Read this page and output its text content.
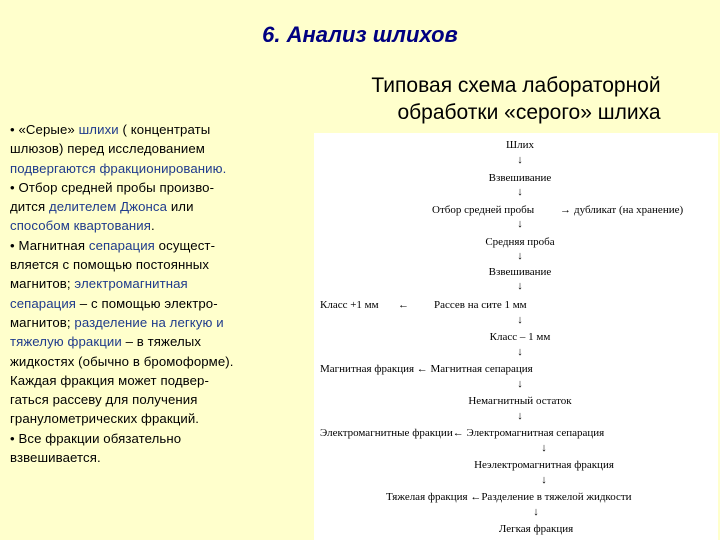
6. Анализ шлихов
Типовая схема лабораторной
обработки «серого» шлиха
• «Серые» шлихи ( концентраты
шлюзов) перед исследованием
подвергаются фракционированию.
• Отбор средней пробы произво-
дится делителем Джонса или
способом квартования.
• Магнитная сепарация осущест-
вляется с помощью постоянных
магнитов; электромагнитная
сепарация – с помощью электро-
магнитов; разделение на легкую и
тяжелую фракции – в тяжелых
жидкостях (обычно в бромоформе).
Каждая фракция может подвер-
гаться рассеву для получения
гранулометрических фракций.
• Все фракции обязательно
взвешивается.
Шлих
↓
Взвешивание
↓
Отбор средней пробы → дубликат (на хранение)
↓
Средняя проба
↓
Взвешивание
↓
Класс +1 мм ← Рассев на сите 1 мм
↓
Класс – 1 мм
↓
Магнитная фракция ← Магнитная сепарация
↓
Немагнитный остаток
↓
Электромагнитные фракции← Электромагнитная сепарация
↓
Неэлектромагнитная фракция
↓
Тяжелая фракция ←Разделение в тяжелой жидкости
↓
Легкая фракция
